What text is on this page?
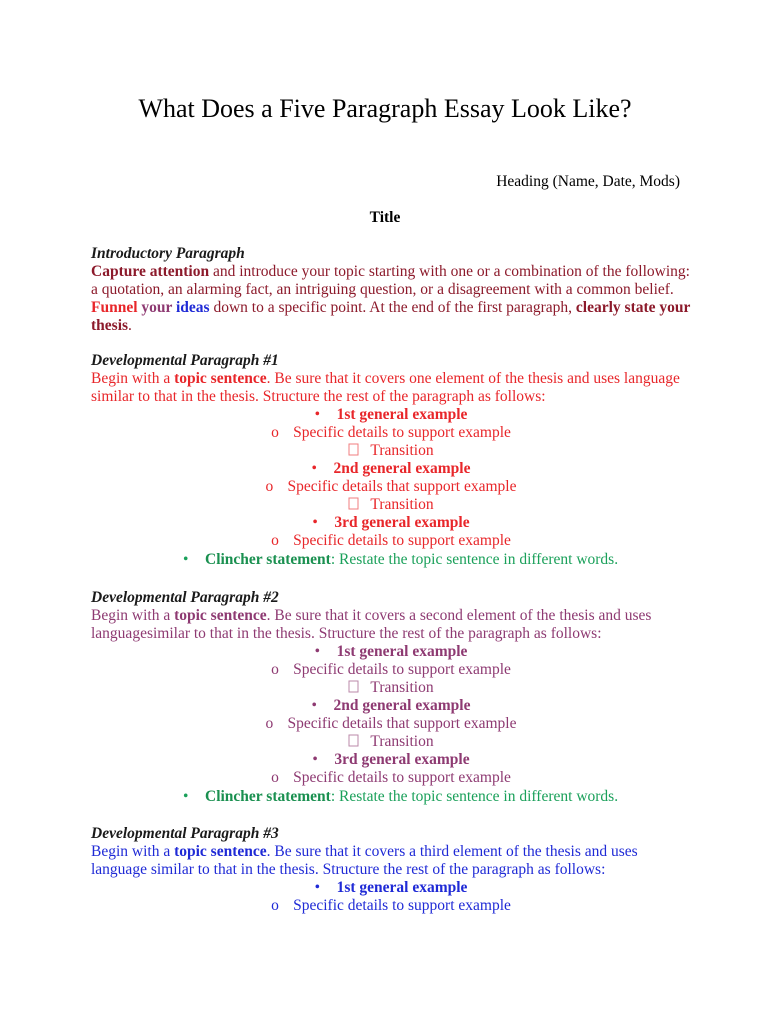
What Does a Five Paragraph Essay Look Like?
Heading (Name, Date, Mods)
Title
Introductory Paragraph
Capture attention and introduce your topic starting with one or a combination of the following:
a quotation, an alarming fact, an intriguing question, or a disagreement with a common belief.
Funnel your ideas down to a specific point. At the end of the first paragraph, clearly state your thesis.
Developmental Paragraph #1
Begin with a topic sentence. Be sure that it covers one element of the thesis and uses language similar to that in the thesis. Structure the rest of the paragraph as follows:
• 1st general example
o Specific details to support example
Transition
• 2nd general example
o Specific details that support example
Transition
• 3rd general example
o Specific details to support example
• Clincher statement: Restate the topic sentence in different words.
Developmental Paragraph #2
Begin with a topic sentence. Be sure that it covers a second element of the thesis and uses languagesimilar to that in the thesis. Structure the rest of the paragraph as follows:
• 1st general example
o Specific details to support example
Transition
• 2nd general example
o Specific details that support example
Transition
• 3rd general example
o Specific details to support example
• Clincher statement: Restate the topic sentence in different words.
Developmental Paragraph #3
Begin with a topic sentence. Be sure that it covers a third element of the thesis and uses language similar to that in the thesis. Structure the rest of the paragraph as follows:
• 1st general example
o Specific details to support example
